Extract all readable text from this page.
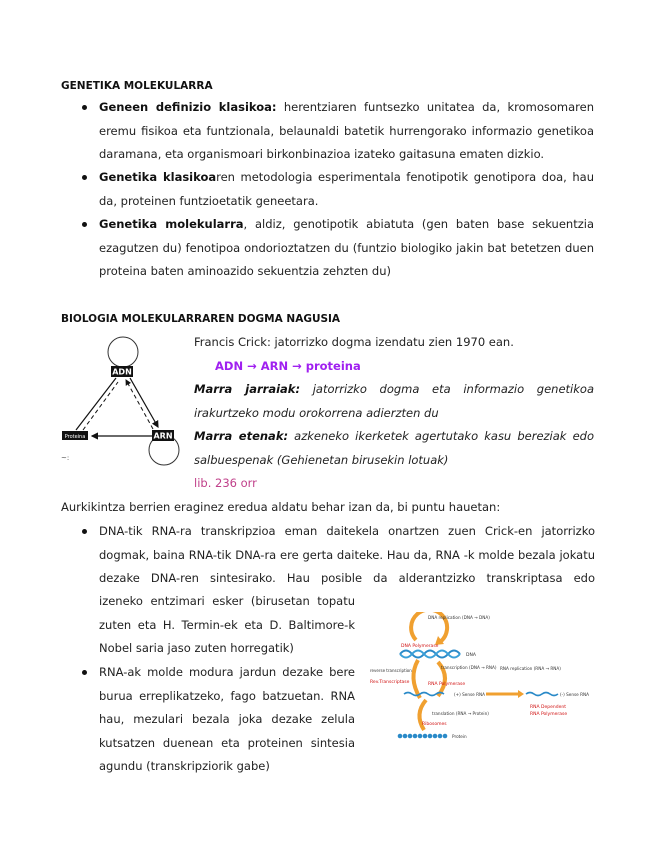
GENETIKA MOLEKULARRA
Geneen definizio klasikoa: herentziaren funtsezko unitatea da, kromosomaren eremu fisikoa eta funtzionala, belaunaldi batetik hurrengorako informazio genetikoa daramana, eta organismoari birkonbinazioa izateko gaitasuna ematen dizkio.
Genetika klasikoaren metodologia esperimentala fenotipotik genotipora doa, hau da, proteinen funtzioetatik geneetara.
Genetika molekularra, aldiz, genotipotik abiatuta (gen baten base sekuentzia ezagutzen du) fenotipoa ondorioztatzen du (funtzio biologiko jakin bat betetzen duen proteina baten aminoazido sekuentzia zehzten du)
BIOLOGIA MOLEKULARRAREN DOGMA NAGUSIA
ADN
ARN
Proteina
~:
Francis Crick: jatorrizko dogma izendatu zien 1970 ean.
ADN → ARN → proteina
Marra jarraiak: jatorrizko dogma eta informazio genetikoa irakurtzeko modu orokorrena adierzten du
Marra etenak: azkeneko ikerketek agertutako kasu bereziak edo salbuespenak (Gehienetan birusekin lotuak)
lib. 236 orr
Aurkikintza berrien eraginez eredua aldatu behar izan da, bi puntu hauetan:
DNA-tik RNA-ra transkripzioa eman daitekela onartzen zuen Crick-en jatorrizko dogmak, baina RNA-tik DNA-ra ere gerta daiteke. Hau da, RNA -k molde bezala jokatu dezake DNA-ren sintesirako. Hau posible da alderantzizko transkriptasa edo
izeneko entzimari esker (birusetan topatu zuten eta H. Termin-ek eta D. Baltimore-k Nobel saria jaso zuten horregatik)
RNA-ak molde modura jardun dezake bere burua erreplikatzeko, fago batzuetan. RNA hau, mezulari bezala joka dezake zelula kutsatzen duenean eta proteinen sintesia agundu (transkripziorik gabe)
DNA replication (DNA → DNA)
DNA Polymerase
DNA
reverse transcription
Rev.Transcriptase
transcription (DNA → RNA)
RNA Polymerase
(+) Sense RNA
RNA replication (RNA → RNA)
(-) Sense RNA
RNA Dependent
RNA Polymerase
translation (RNA → Protein)
Ribosomes
Protein
